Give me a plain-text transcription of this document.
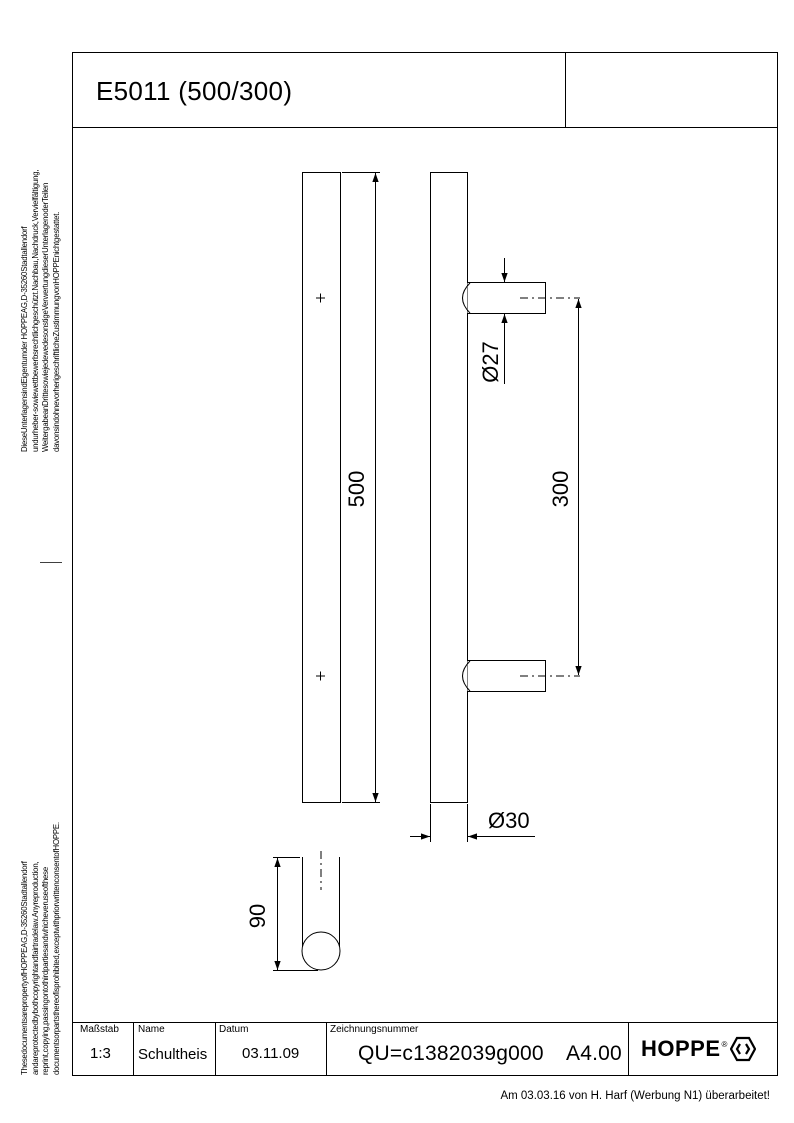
DieseUnterlagensindEigentumder HOPPEAG,D-35260Stadtallendorf undurheber-sowiewettbewerbsrechtlichgeschützt.Nachbau,Nachdruck,Vervielfältigung, WeitergabeanDrittesowiejedewedesonstigeVerwertungdieserUnterlagenoderTeilen davonsindohnevorherigeschriftlicheZustimmungvonHOPPEnichtgestattet.
ThesedocumentsarepropertyofHOPPEAG,D-35260Stadtallendorf andareprotectedbybothcopyrightandfairtradelaw.Anyreproduction, reprint,copying,passingontothirdpartiesandwhicheveruseofthese documentsorpartsthereofisprohibited,exceptwithpriorwrittenconsentofHOPPE.
E5011 (500/300)
500	300
Ø27
Ø30
90
Maßstab
1:3
Name
Schultheis
Datum
03.11.09
Zeichnungsnummer
QU=c1382039g000 A4.00 HOPPE®
Am 03.03.16 von H. Harf (Werbung N1) überarbeitet!
